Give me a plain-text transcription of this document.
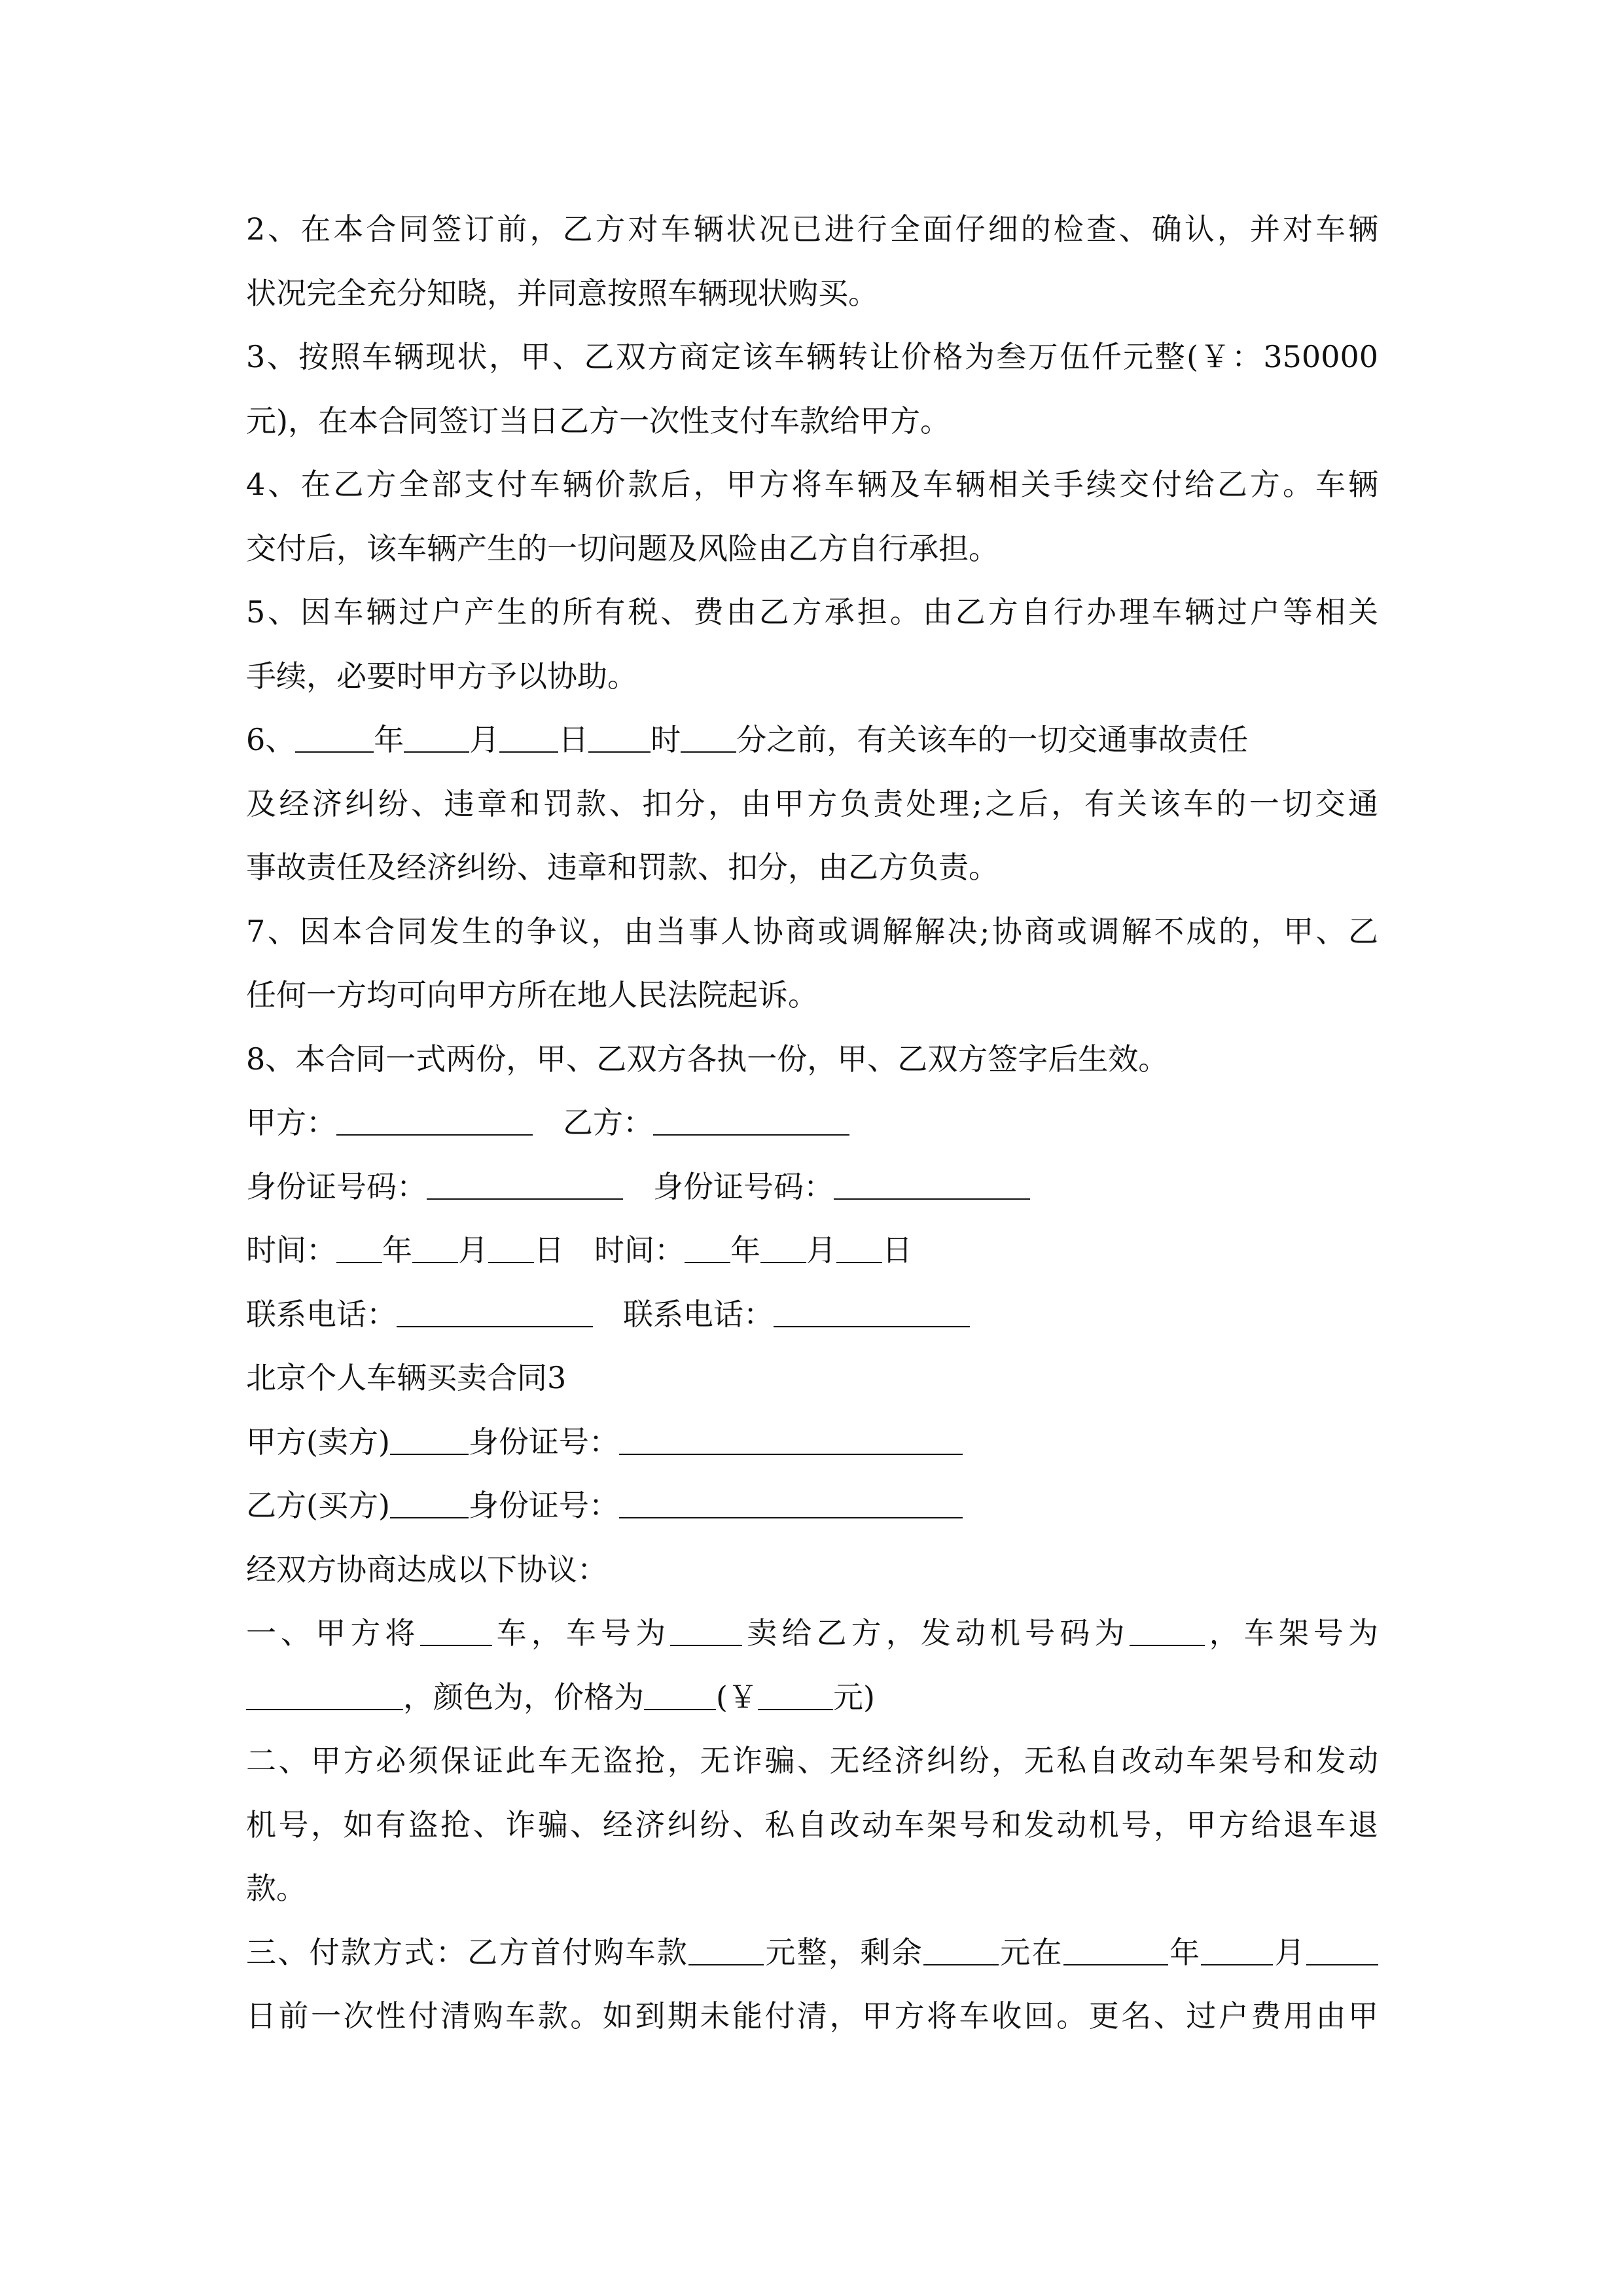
2、在本合同签订前，乙方对车辆状况已进行全面仔细的检查、确认，并对车辆
状况完全充分知晓，并同意按照车辆现状购买。
3、按照车辆现状，甲、乙双方商定该车辆转让价格为叁万伍仟元整(￥：350000
元)，在本合同签订当日乙方一次性支付车款给甲方。
4、在乙方全部支付车辆价款后，甲方将车辆及车辆相关手续交付给乙方。车辆
交付后，该车辆产生的一切问题及风险由乙方自行承担。
5、因车辆过户产生的所有税、费由乙方承担。由乙方自行办理车辆过户等相关
手续，必要时甲方予以协助。
6、	年 月 日 时 分之前，有关该车的一切交通事故责任
及经济纠纷、违章和罚款、扣分，由甲方负责处理;之后，有关该车的一切交通
事故责任及经济纠纷、违章和罚款、扣分，由乙方负责。
7、因本合同发生的争议，由当事人协商或调解解决;协商或调解不成的，甲、乙
任何一方均可向甲方所在地人民法院起诉。
8、本合同一式两份，甲、乙双方各执一份，甲、乙双方签字后生效。
甲方：　	乙方：
身份证号码：　	身份证号码：
时间： 年 月 日  时间： 年 月 日
联系电话：　	联系电话：
北京个人车辆买卖合同3
甲方(卖方)	身份证号：
乙方(买方)	身份证号：
经双方协商达成以下协议：
一、甲方将 车，车号为 卖给乙方，发动机号码为	，车架号为
，颜色为，价格为 (￥	元)
二、甲方必须保证此车无盗抢，无诈骗、无经济纠纷，无私自改动车架号和发动
机号，如有盗抢、诈骗、经济纠纷、私自改动车架号和发动机号，甲方给退车退
款。
三、付款方式：乙方首付购车款	元整，剩余	元在	年 月
日前一次性付清购车款。如到期未能付清，甲方将车收回。更名、过户费用由甲
